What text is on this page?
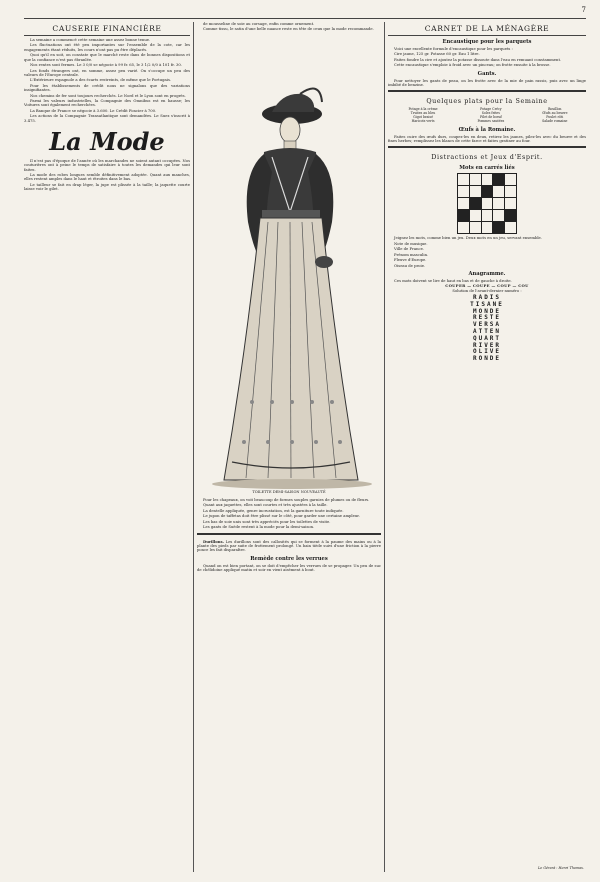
7
CAUSERIE FINANCIÈRE

La semaine a commencé cette semaine une assez bonne tenue.

Les fluctuations ont été peu importantes sur l'ensemble de la cote, car les engagements étant réduits, les cours n'ont pas pu être déplacés.

Quoi qu'il en soit, on constate que le marché reste dans de bonnes dispositions et que la confiance n'est pas ébranlée.

Nos rentes sont fermes. Le 3 0/0 se négocie à 99 fr. 65, le 3 1/2 0/0 à 101 fr. 30.

Les fonds étrangers ont, en somme, assez peu varié. On s'occupe un peu des valeurs de l'Europe centrale.

L'Extérieure espagnole a des écarts restreints, de même que le Portugais.

Pour les établissements de crédit nous ne signalons que des variations insignifiantes.

Nos chemins de fer sont toujours recherchés. Le Nord et le Lyon sont en progrès.

Parmi les valeurs industrielles, la Compagnie des Omnibus est en hausse; les Voitures sont également recherchées.

La Banque de France se négocie à 3.600. Le Crédit Foncier à 700.

Les actions de la Compagnie Transatlantique sont demandées. Le Suez s'inscrit à 3.475.

La Mode

Il n'est pas d'époque de l'année où les marchandes ne soient autant occupées. Nos couturières ont à peine le temps de satisfaire à toutes les demandes qui leur sont faites.

La mode des robes longues semble définitivement adoptée. Quant aux manches, elles restent amples dans le haut et étroites dans le bas.

Le tailleur se fait en drap léger, la jupe est plissée à la taille; la jaquette courte laisse voir le gilet.

de mousseline de soie au corsage, enfin comme ornement.

Comme tissu, le satin d'une belle nuance reste en tête de ceux que la mode recommande.

TOILETTE DEMI-SAISON NOUVEAUTÉ

Pour les chapeaux, on voit beaucoup de formes souples garnies de plumes ou de fleurs.

Quant aux jaquettes, elles sont courtes et très ajustées à la taille.

La dentelle appliquée, genre incrustation, est la garniture toute indiquée.

Le jupon de taffetas doit être plissé sur le côté, pour garder une certaine ampleur.

Les bas de soie unis sont très appréciés pour les toilettes de visite.

Les gants de Suède restent à la mode pour la demi-saison.

Durillons. Les durillons sont des callosités qui se forment à la paume des mains ou à la plante des pieds par suite de frottement prolongé. Un bain tiède suivi d'une friction à la pierre ponce les fait disparaître.

Remède contre les verrues

Quand on est bien portant, on se doit d'empêcher les verrues de se propager. Un peu de suc de chélidoine appliqué matin et soir en vient aisément à bout.

CARNET DE LA MÉNAGÈRE
Encaustique pour les parquets

Voici une excellente formule d'encaustique pour les parquets :

Cire jaune, 125 gr. Potasse 60 gr. Eau 1 litre.

Faites fondre la cire et ajoutez la potasse dissoute dans l'eau en remuant constamment.

Cette encaustique s'emploie à froid avec un pinceau; on frotte ensuite à la brosse.

Gants.

Pour nettoyer les gants de peau, on les frotte avec de la mie de pain rassis, puis avec un linge imbibé de benzine.

Quelques plats pour la Semaine
Potage à la crème
Truites au bleu
Gigot braisé
Haricots verts	Potage Crécy
Soles frites
Filet de bœuf
Pommes sautées	Bouillon
Œufs au beurre
Poulet rôti
Salade romaine
Œufs à la Romaine.

Faites cuire des œufs durs, coupez-les en deux, retirez les jaunes, pilez-les avec du beurre et des fines herbes; remplissez les blancs de cette farce et faites gratiner au four.

Distractions et Jeux d'Esprit.
Mots en carrés liés

Jeignez les mots, comme bien un jeu. Deux mots en un jeu, servant ensemble.

Note de musique.

Ville de France.

Prénom masculin.

Fleuve d'Europe.

Oiseau de proie.

Anagramme.

Ces mots doivent se lire de haut en bas et de gauche à droite.

COUPER — COUPE — COUP — COU

Solution de l'avant-dernier numéro :

RADIS
TISANE
MONDE
RESTE
VERSA
ATTEN
QUART
RIVER
OLIVE
RONDE
Le Gérant : Henri Thomas.
